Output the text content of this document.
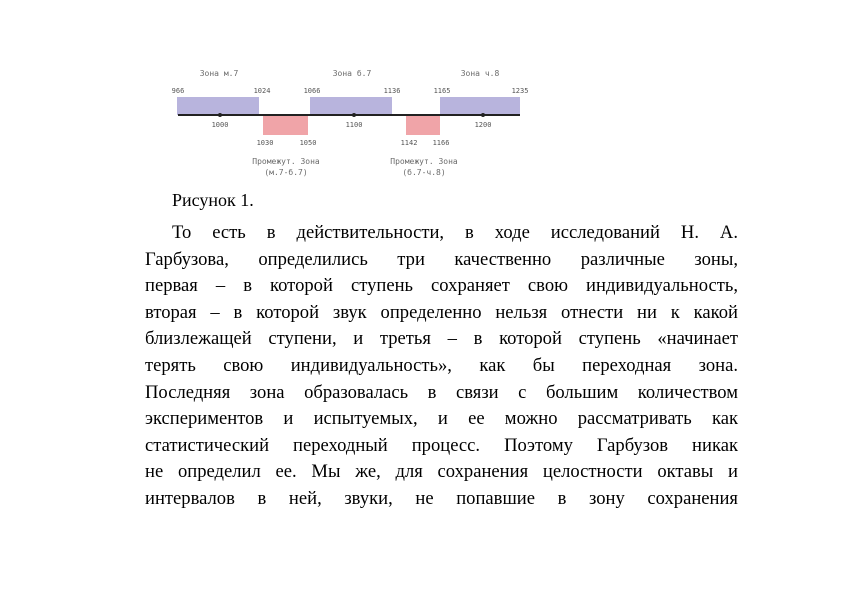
Зона м.7	Зона б.7	Зона ч.8
966	1024	1066	1136	1165	1235
1000	1100	1200
1030	1050	1142 1166
Промежут. Зона
(м.7-б.7)
Промежут. Зона
(б.7-ч.8)
Рисунок 1.
То есть в действительности, в ходе исследований Н. А.
Гарбузова, определились три качественно различные зоны,
первая – в которой ступень сохраняет свою индивидуальность,
вторая – в которой звук определенно нельзя отнести ни к какой
близлежащей ступени, и третья – в которой ступень «начинает
терять свою индивидуальность», как бы переходная зона.
Последняя зона образовалась в связи с большим количеством
экспериментов и испытуемых, и ее можно рассматривать как
статистический переходный процесс. Поэтому Гарбузов никак
не определил ее. Мы же, для сохранения целостности октавы и
интервалов в ней, звуки, не попавшие в зону сохранения
